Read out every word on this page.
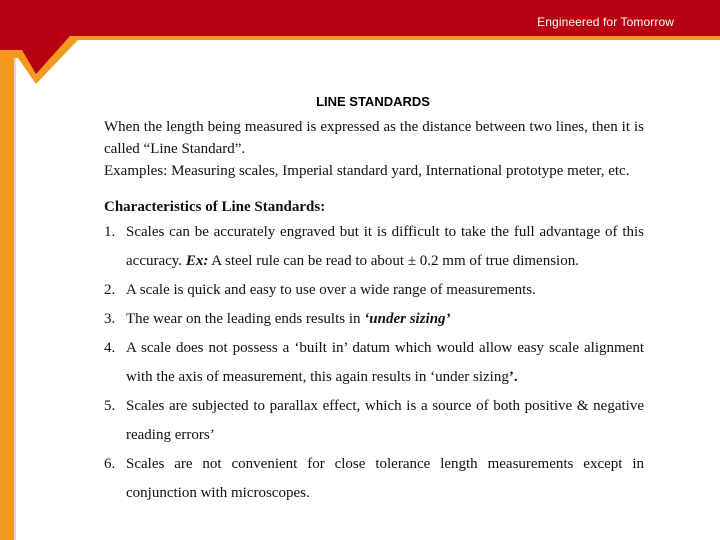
Engineered for Tomorrow
LINE STANDARDS
When the length being measured is expressed as the distance between two lines, then it is
called “Line Standard”.
Examples: Measuring scales, Imperial standard yard, International prototype meter, etc.
Characteristics of Line Standards:
1. Scales can be accurately engraved but it is difficult to take the full advantage of this
accuracy. Ex: A steel rule can be read to about ± 0.2 mm of true dimension.
2. A scale is quick and easy to use over a wide range of measurements.
3. The wear on the leading ends results in ‘under sizing’
4. A scale does not possess a ‘built in’ datum which would allow easy scale alignment
with the axis of measurement, this again results in ‘under sizing’.
5. Scales are subjected to parallax effect, which is a source of both positive & negative
reading errors’
6. Scales are not convenient for close tolerance length measurements except in
conjunction with microscopes.
